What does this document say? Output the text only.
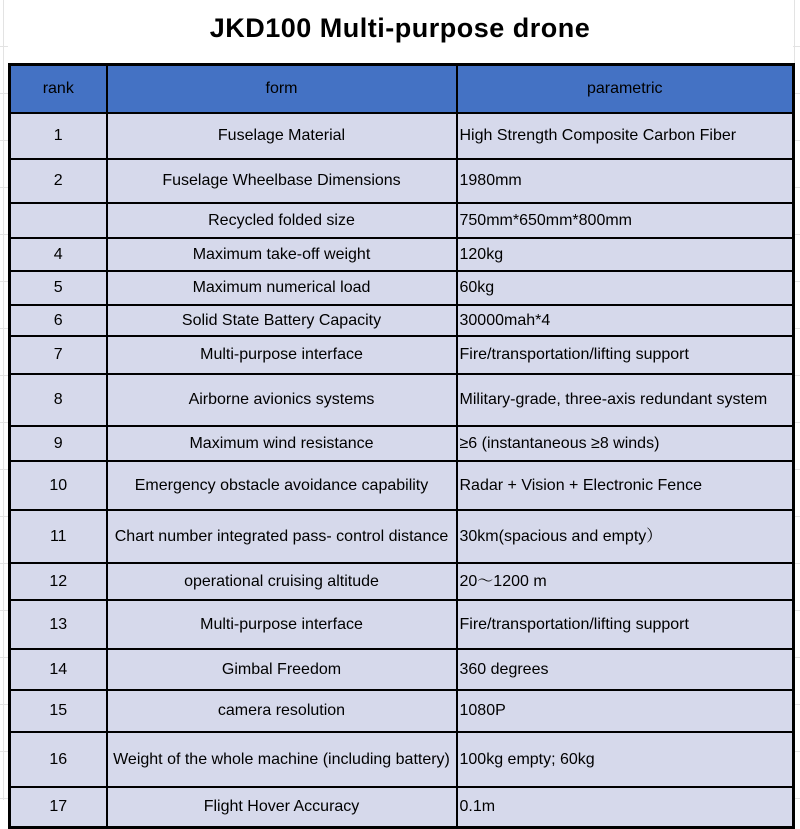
JKD100 Multi-purpose drone
rank	form	parametric
1	Fuselage Material	High Strength Composite Carbon Fiber
2	Fuselage Wheelbase Dimensions	1980mm
	Recycled folded size	750mm*650mm*800mm
4	Maximum take-off weight	120kg
5	Maximum numerical load	60kg
6	Solid State Battery Capacity	30000mah*4
7	Multi-purpose interface	Fire/transportation/lifting support
8	Airborne avionics systems	Military-grade, three-axis redundant system
9	Maximum wind resistance	≥6 (instantaneous ≥8 winds)
10	Emergency obstacle avoidance capability	Radar + Vision + Electronic Fence
11	Chart number integrated pass- control distance	30km(spacious and empty）
12	operational cruising altitude	20～1200 m
13	Multi-purpose interface	Fire/transportation/lifting support
14	Gimbal Freedom	360 degrees
15	camera resolution	1080P
16	Weight of the whole machine (including battery)	100kg empty; 60kg
17	Flight Hover Accuracy	0.1m
